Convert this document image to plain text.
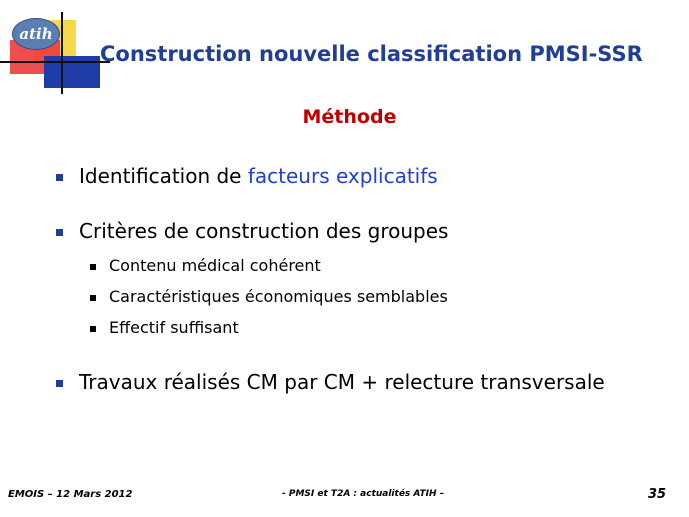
atih
Construction nouvelle classification PMSI-SSR
Méthode
Identification de facteurs explicatifs
Critères de construction des groupes
Contenu médical cohérent
Caractéristiques économiques semblables
Effectif suffisant
Travaux réalisés CM par CM + relecture transversale
EMOIS – 12 Mars 2012	- PMSI et T2A : actualités ATIH –	35
